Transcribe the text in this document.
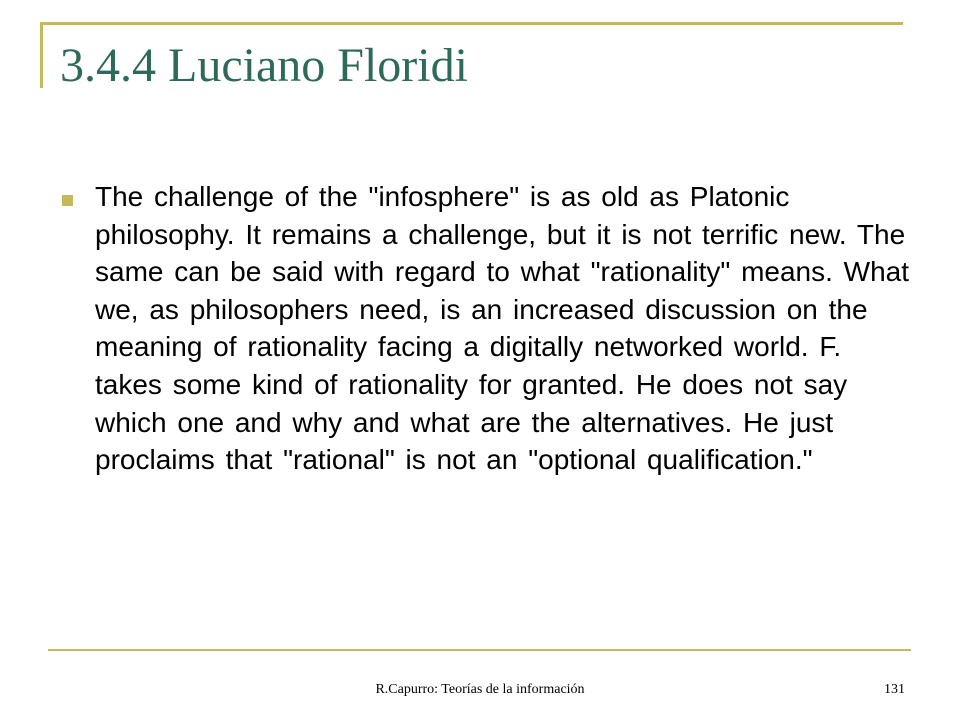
3.4.4 Luciano Floridi
The challenge of the "infosphere" is as old as Platonic philosophy. It remains a challenge, but it is not terrific new. The same can be said with regard to what "rationality" means. What we, as philosophers need, is an increased discussion on the meaning of rationality facing a digitally networked world. F. takes some kind of rationality for granted. He does not say which one and why and what are the alternatives. He just proclaims that "rational" is not an "optional qualification."
R.Capurro: Teorías de la información	131
